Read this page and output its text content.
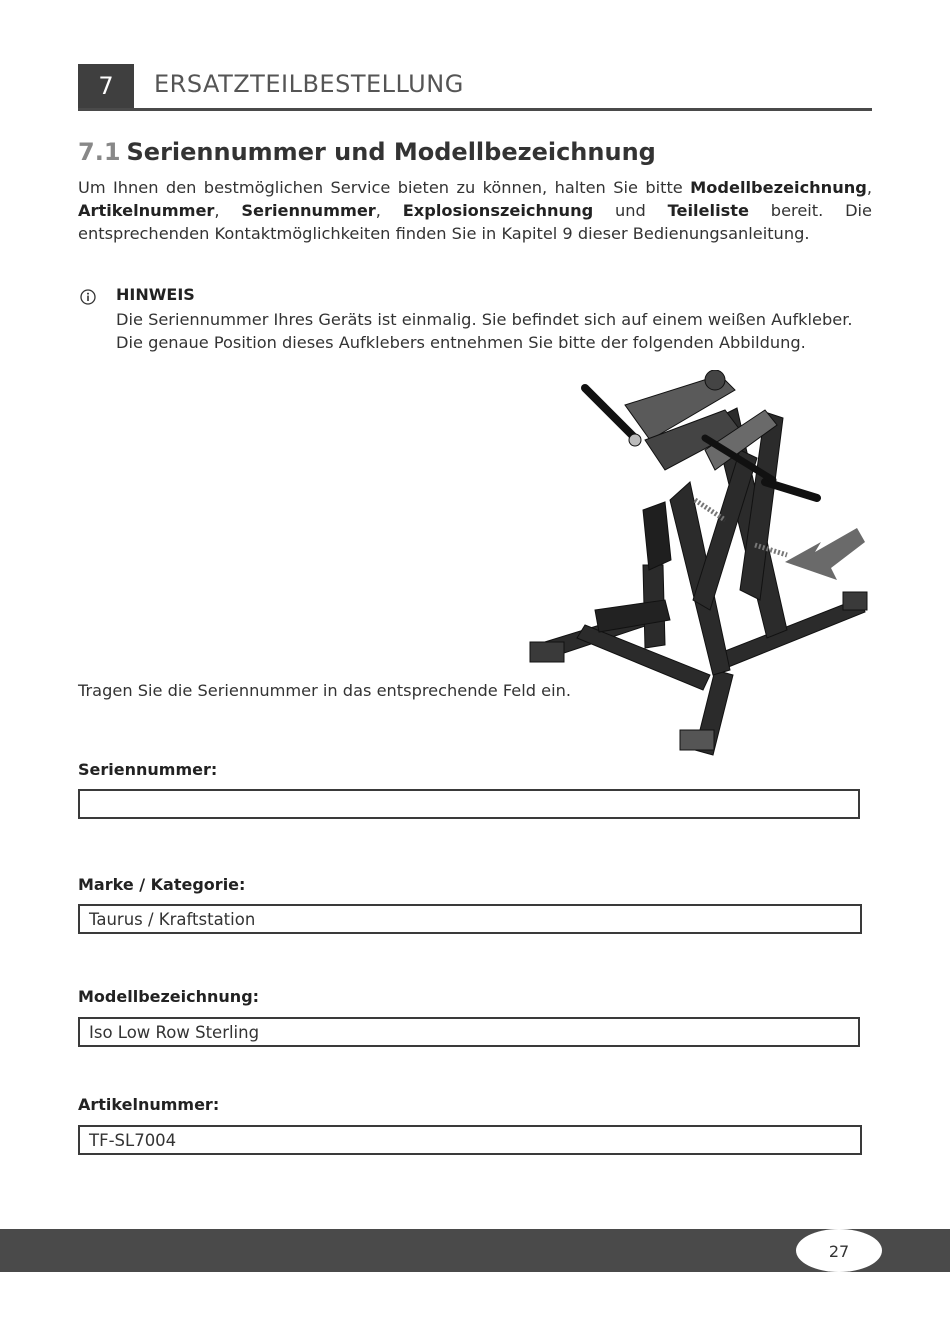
7	ERSATZTEILBESTELLUNG
7.1 Seriennummer und Modellbezeichnung

Um Ihnen den bestmöglichen Service bieten zu können, halten Sie bitte Modellbezeichnung, Artikelnummer, Seriennummer, Explosionszeichnung und Teileliste bereit. Die entsprechenden Kontaktmöglichkeiten finden Sie in Kapitel 9 dieser Bedienungsanleitung.

HINWEIS

Die Seriennummer Ihres Geräts ist einmalig. Sie befindet sich auf einem weißen Aufkleber. Die genaue Position dieses Aufklebers entnehmen Sie bitte der folgenden Abbildung.

Tragen Sie die Seriennummer in das entsprechende Feld ein.
Seriennummer:
Marke / Kategorie:
Taurus / Kraftstation
Modellbezeichnung:
Iso Low Row Sterling
Artikelnummer:
TF-SL7004
27
